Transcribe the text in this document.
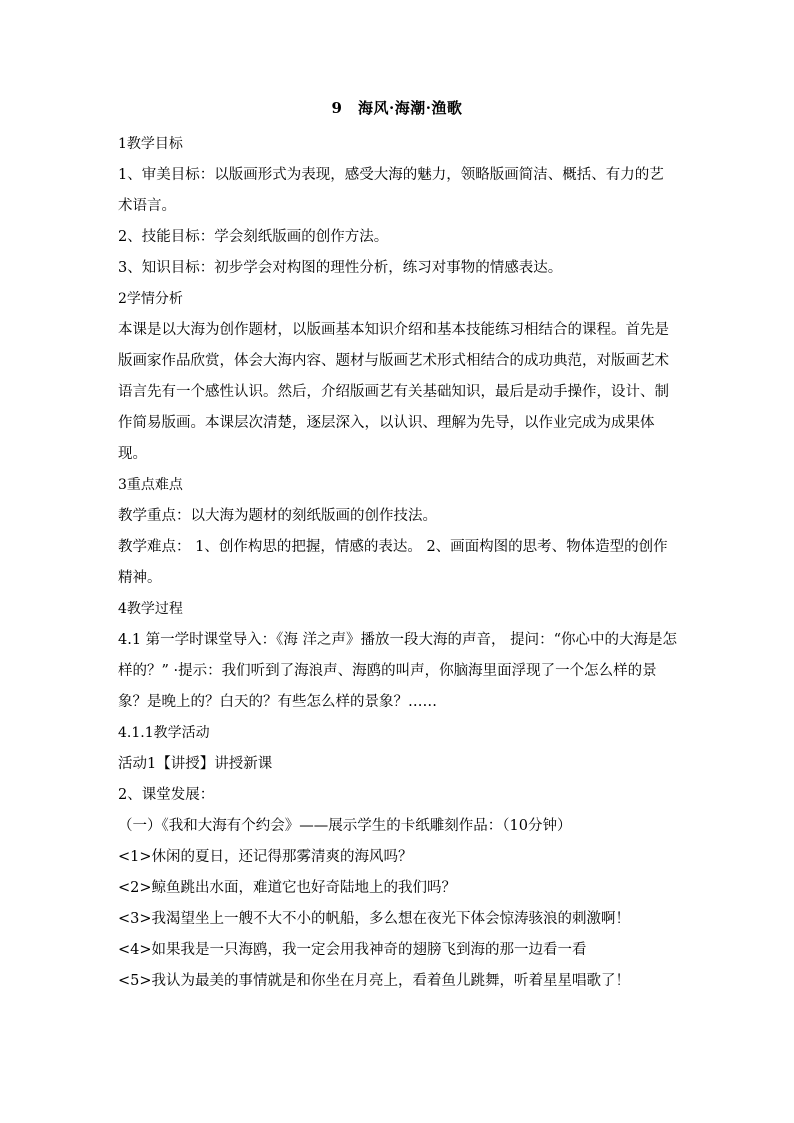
9　海风·海潮·渔歌

1教学目标

1、审美目标：以版画形式为表现，感受大海的魅力，领略版画简洁、概括、有力的艺术语言。

2、技能目标：学会刻纸版画的创作方法。

3、知识目标：初步学会对构图的理性分析，练习对事物的情感表达。

2学情分析

本课是以大海为创作题材，以版画基本知识介绍和基本技能练习相结合的课程。首先是版画家作品欣赏，体会大海内容、题材与版画艺术形式相结合的成功典范，对版画艺术语言先有一个感性认识。然后，介绍版画艺有关基础知识，最后是动手操作，设计、制作简易版画。本课层次清楚，逐层深入，以认识、理解为先导，以作业完成为成果体现。

3重点难点

教学重点：以大海为题材的刻纸版画的创作技法。

教学难点： 1、创作构思的把握，情感的表达。 2、画面构图的思考、物体造型的创作精神。

4教学过程

4.1 第一学时课堂导入：《海 洋之声》播放一段大海的声音， 提问：“你心中的大海是怎样的？” ·提示：我们听到了海浪声、海鸥的叫声，你脑海里面浮现了一个怎么样的景象？是晚上的？白天的？有些怎么样的景象？……

4.1.1教学活动

活动1【讲授】讲授新课

2、课堂发展：

（一）《我和大海有个约会》——展示学生的卡纸雕刻作品：（10分钟）

<1>休闲的夏日，还记得那雾清爽的海风吗？

<2>鲸鱼跳出水面，难道它也好奇陆地上的我们吗？

<3>我渴望坐上一艘不大不小的帆船，多么想在夜光下体会惊涛骇浪的刺激啊！

<4>如果我是一只海鸥，我一定会用我神奇的翅膀飞到海的那一边看一看

<5>我认为最美的事情就是和你坐在月亮上，看着鱼儿跳舞，听着星星唱歌了！
